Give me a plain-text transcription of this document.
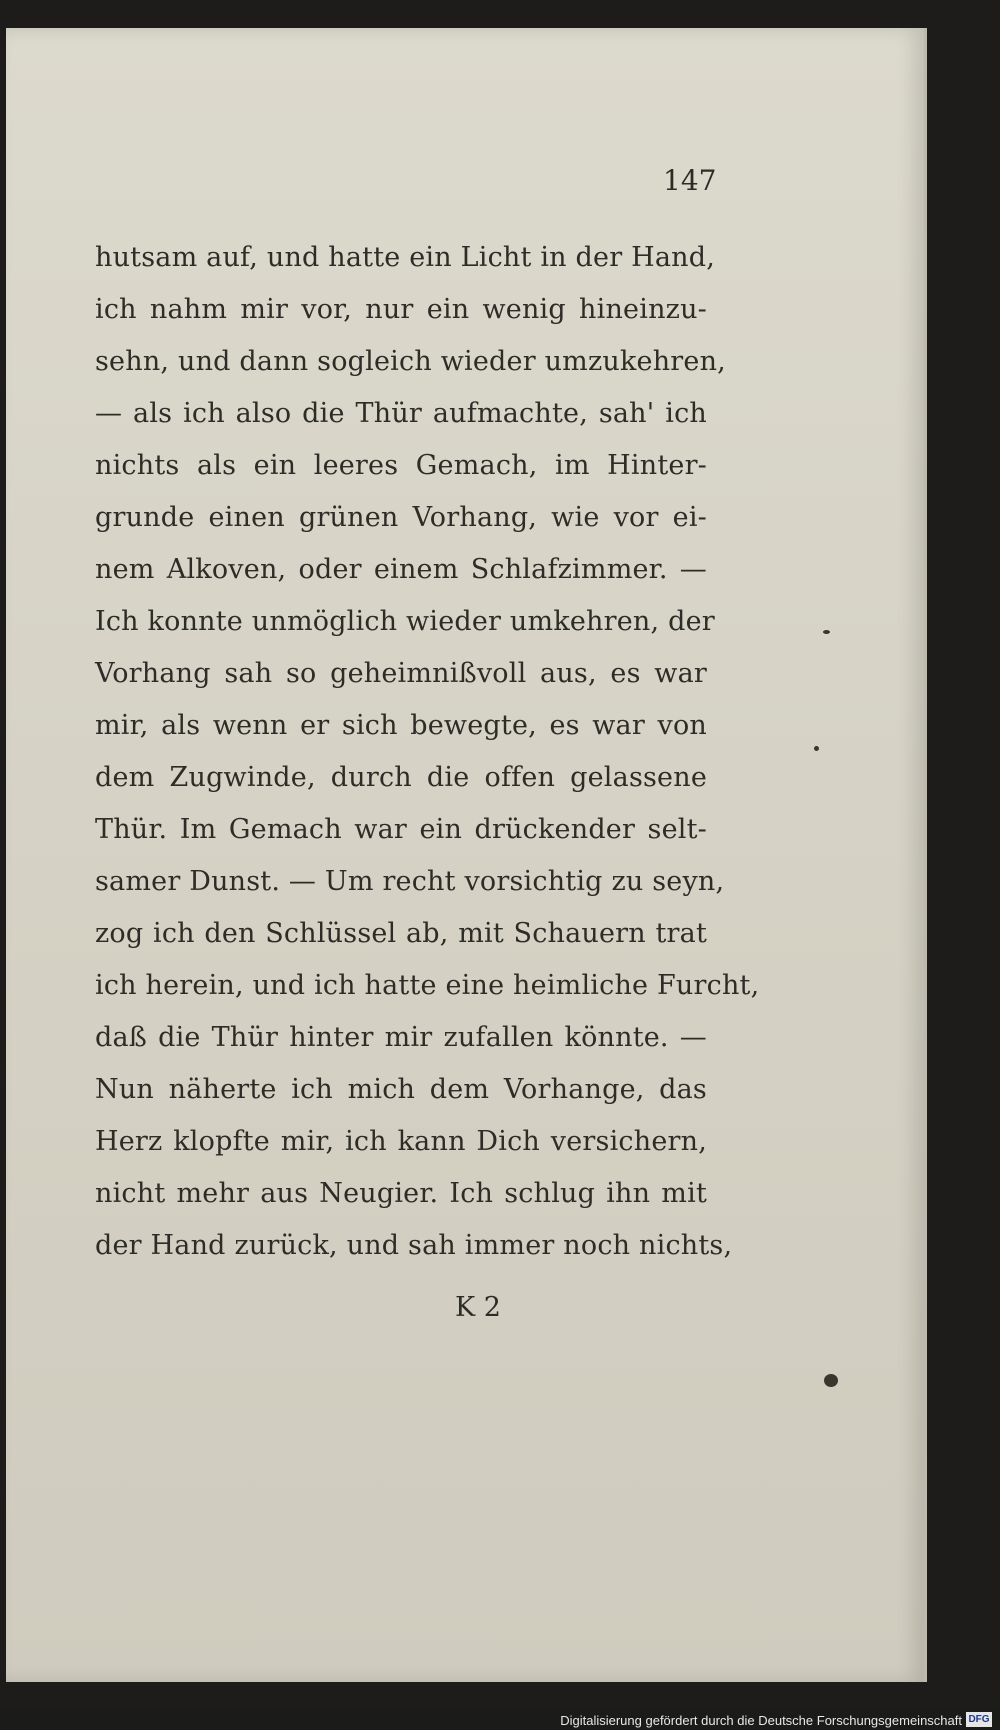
147
hutsam auf, und hatte ein Licht in der Hand,
ich nahm mir vor, nur ein wenig hineinzu-
sehn, und dann sogleich wieder umzukehren,
— als ich also die Thür aufmachte, sah' ich
nichts als ein leeres Gemach, im Hinter-
grunde einen grünen Vorhang, wie vor ei-
nem Alkoven, oder einem Schlafzimmer. —
Ich konnte unmöglich wieder umkehren, der
Vorhang sah so geheimnißvoll aus, es war
mir, als wenn er sich bewegte, es war von
dem Zugwinde, durch die offen gelassene
Thür. Im Gemach war ein drückender selt-
samer Dunst. — Um recht vorsichtig zu seyn,
zog ich den Schlüssel ab, mit Schauern trat
ich herein, und ich hatte eine heimliche Furcht,
daß die Thür hinter mir zufallen könnte. —
Nun näherte ich mich dem Vorhange, das
Herz klopfte mir, ich kann Dich versichern,
nicht mehr aus Neugier. Ich schlug ihn mit
der Hand zurück, und sah immer noch nichts,
K 2
Digitalisierung gefördert durch die Deutsche Forschungsgemeinschaft DFG
